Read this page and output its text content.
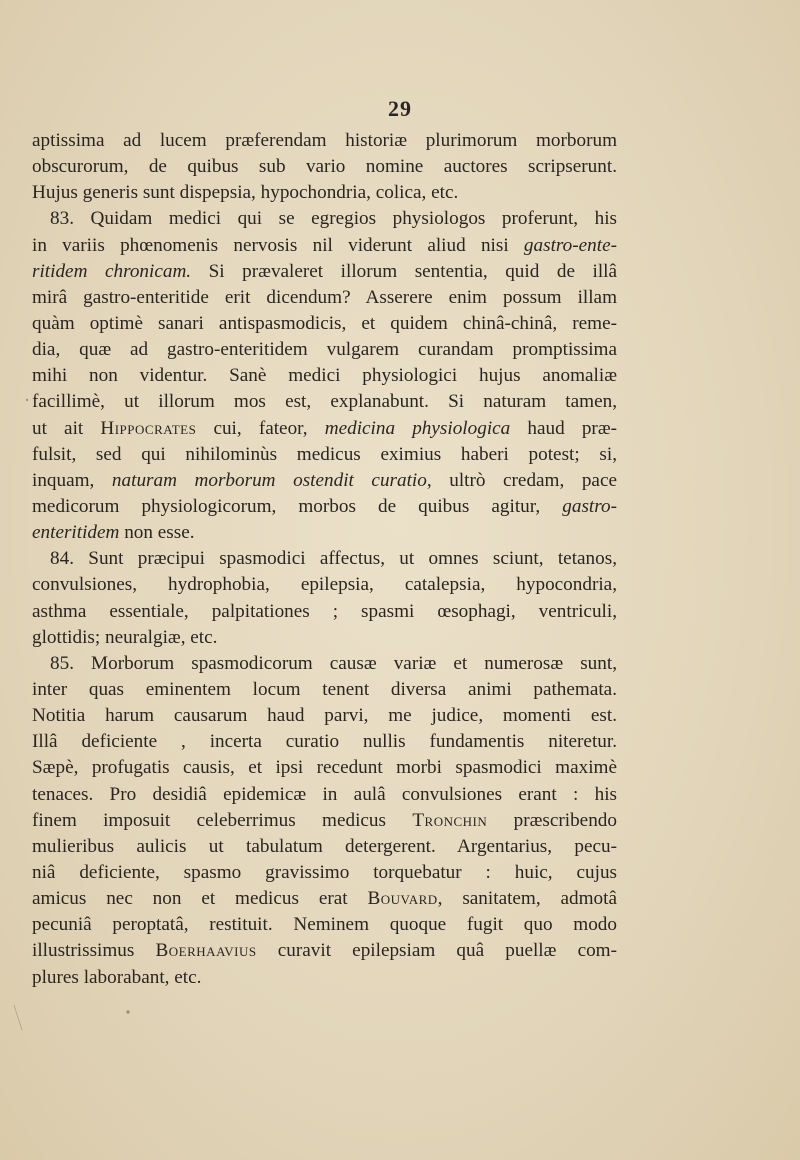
29
aptissima ad lucem præferendam historiæ plurimorum morborum
obscurorum, de quibus sub vario nomine auctores scripserunt.
Hujus generis sunt dispepsia, hypochondria, colica, etc.
83. Quidam medici qui se egregios physiologos proferunt, his
in variis phœnomenis nervosis nil viderunt aliud nisi gastro-ente-
ritidem chronicam. Si prævaleret illorum sententia, quid de illâ
mirâ gastro-enteritide erit dicendum? Asserere enim possum illam
quàm optimè sanari antispasmodicis, et quidem chinâ-chinâ, reme-
dia, quæ ad gastro-enteritidem vulgarem curandam promptissima
mihi non videntur. Sanè medici physiologici hujus anomaliæ
facillimè, ut illorum mos est, explanabunt. Si naturam tamen,
ut ait Hippocrates cui, fateor, medicina physiologica haud præ-
fulsit, sed qui nihilominùs medicus eximius haberi potest; si,
inquam, naturam morborum ostendit curatio, ultrò credam, pace
medicorum physiologicorum, morbos de quibus agitur, gastro-
enteritidem non esse.
84. Sunt præcipui spasmodici affectus, ut omnes sciunt, tetanos,
convulsiones, hydrophobia, epilepsia, catalepsia, hypocondria,
asthma essentiale, palpitationes ; spasmi œsophagi, ventriculi,
glottidis; neuralgiæ, etc.
85. Morborum spasmodicorum causæ variæ et numerosæ sunt,
inter quas eminentem locum tenent diversa animi pathemata.
Notitia harum causarum haud parvi, me judice, momenti est.
Illâ deficiente , incerta curatio nullis fundamentis niteretur.
Sæpè, profugatis causis, et ipsi recedunt morbi spasmodici maximè
tenaces. Pro desidiâ epidemicæ in aulâ convulsiones erant : his
finem imposuit celeberrimus medicus Tronchin præscribendo
mulieribus aulicis ut tabulatum detergerent. Argentarius, pecu-
niâ deficiente, spasmo gravissimo torquebatur : huic, cujus
amicus nec non et medicus erat Bouvard, sanitatem, admotâ
pecuniâ peroptatâ, restituit. Neminem quoque fugit quo modo
illustrissimus Boerhaavius curavit epilepsiam quâ puellæ com-
plures laborabant, etc.
